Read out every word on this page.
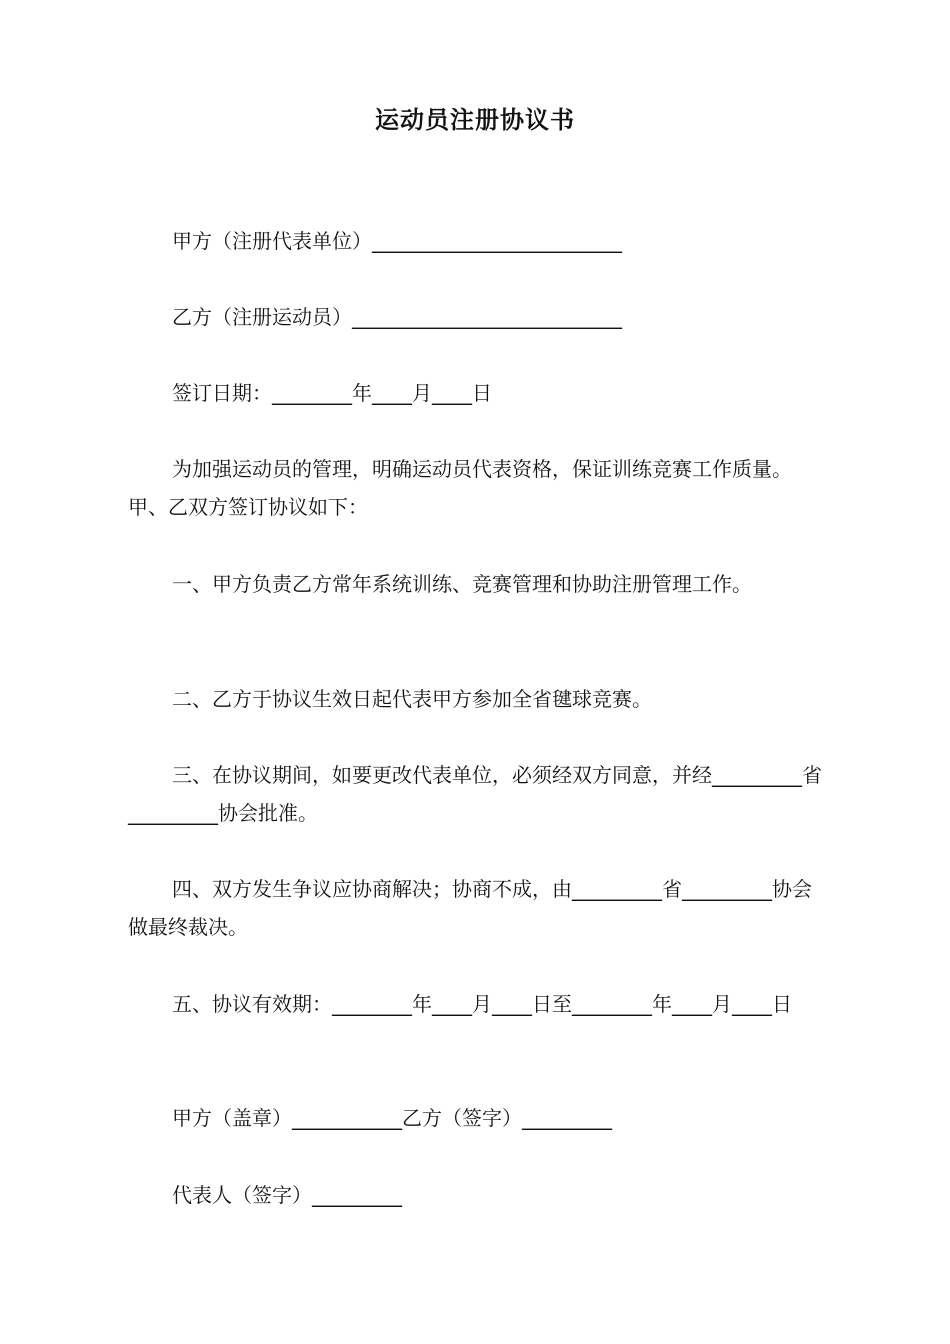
运动员注册协议书
甲方（注册代表单位）_________________________
乙方（注册运动员）___________________________
签订日期：________年____月____日
为加强运动员的管理，明确运动员代表资格，保证训练竞赛工作质量。甲、乙双方签订协议如下：
一、甲方负责乙方常年系统训练、竞赛管理和协助注册管理工作。
二、乙方于协议生效日起代表甲方参加全省毽球竞赛。
三、在协议期间，如要更改代表单位，必须经双方同意，并经_________省_________协会批准。
四、双方发生争议应协商解决；协商不成，由_________省_________协会做最终裁决。
五、协议有效期：________年____月____日至________年____月____日
甲方（盖章）___________乙方（签字）_________
代表人（签字）_________
